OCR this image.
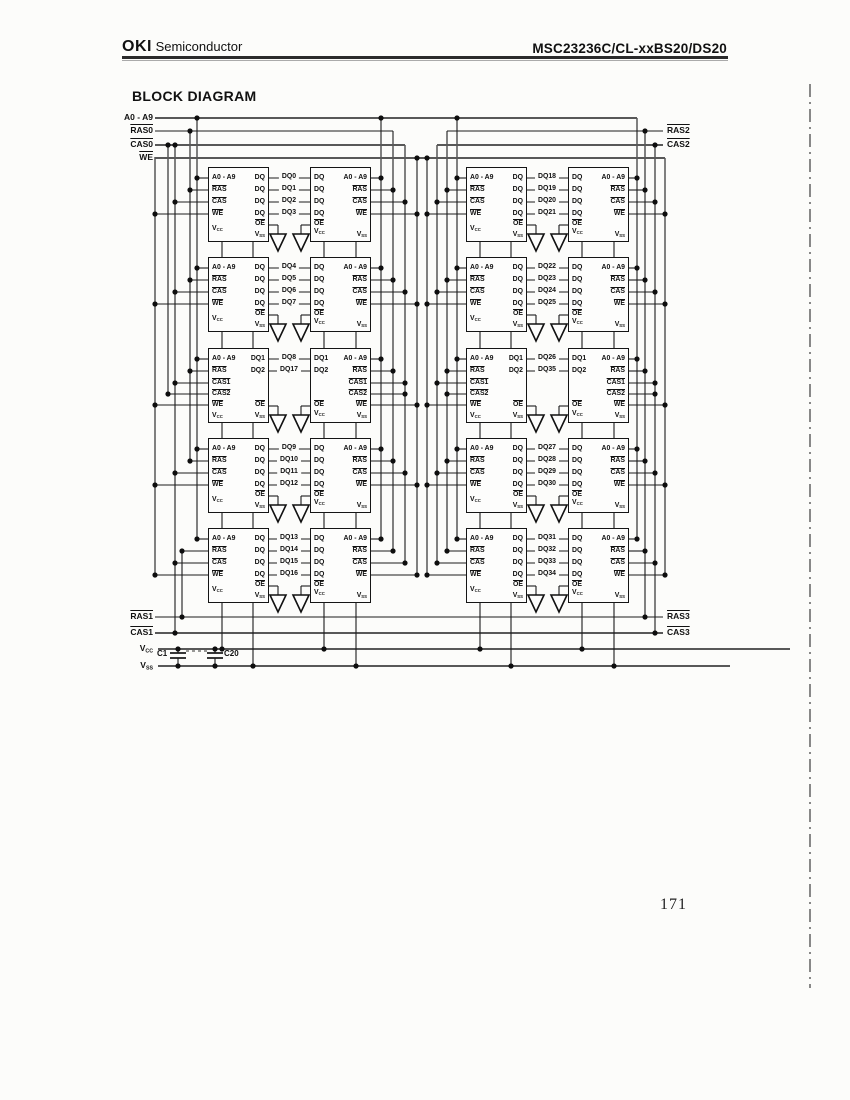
OKI Semiconductor	MSC23236C/CL-xxBS20/DS20
BLOCK DIAGRAM
A0 - A9
$\overline{RAS}$
$\overline{CAS}$
$\overline{WE}$
$V_{CC}$
DQ
DQ
DQ
DQ
$\overline{OE}$
$V_{SS}$
DQ
DQ
DQ
DQ
$\overline{OE}$
$V_{CC}$
A0 - A9
$\overline{RAS}$
$\overline{CAS}$
$\overline{WE}$
$V_{SS}$
DQ0
DQ1
DQ2
DQ3
A0 - A9
$\overline{RAS}$
$\overline{CAS}$
$\overline{WE}$
$V_{CC}$
DQ
DQ
DQ
DQ
$\overline{OE}$
$V_{SS}$
DQ
DQ
DQ
DQ
$\overline{OE}$
$V_{CC}$
A0 - A9
$\overline{RAS}$
$\overline{CAS}$
$\overline{WE}$
$V_{SS}$
DQ4
DQ5
DQ6
DQ7
A0 - A9
$\overline{RAS}$
CAS1
CAS2
$\overline{WE}$
$V_{CC}$
DQ1
DQ2
$\overline{OE}$
$V_{SS}$
DQ1
DQ2
$\overline{OE}$
$V_{CC}$
A0 - A9
$\overline{RAS}$
CAS1
CAS2
$\overline{WE}$
$V_{SS}$
DQ8
DQ17
A0 - A9
$\overline{RAS}$
$\overline{CAS}$
$\overline{WE}$
$V_{CC}$
DQ
DQ
DQ
DQ
$\overline{OE}$
$V_{SS}$
DQ
DQ
DQ
DQ
$\overline{OE}$
$V_{CC}$
A0 - A9
$\overline{RAS}$
$\overline{CAS}$
$\overline{WE}$
$V_{SS}$
DQ9
DQ10
DQ11
DQ12
A0 - A9
$\overline{RAS}$
$\overline{CAS}$
$\overline{WE}$
$V_{CC}$
DQ
DQ
DQ
DQ
$\overline{OE}$
$V_{SS}$
DQ
DQ
DQ
DQ
$\overline{OE}$
$V_{CC}$
A0 - A9
$\overline{RAS}$
$\overline{CAS}$
$\overline{WE}$
$V_{SS}$
DQ13
DQ14
DQ15
DQ16
A0 - A9
$\overline{RAS}$
$\overline{CAS}$
$\overline{WE}$
$V_{CC}$
DQ
DQ
DQ
DQ
$\overline{OE}$
$V_{SS}$
DQ
DQ
DQ
DQ
$\overline{OE}$
$V_{CC}$
A0 - A9
$\overline{RAS}$
$\overline{CAS}$
$\overline{WE}$
$V_{SS}$
DQ18
DQ19
DQ20
DQ21
A0 - A9
$\overline{RAS}$
$\overline{CAS}$
$\overline{WE}$
$V_{CC}$
DQ
DQ
DQ
DQ
$\overline{OE}$
$V_{SS}$
DQ
DQ
DQ
DQ
$\overline{OE}$
$V_{CC}$
A0 - A9
$\overline{RAS}$
$\overline{CAS}$
$\overline{WE}$
$V_{SS}$
DQ22
DQ23
DQ24
DQ25
A0 - A9
$\overline{RAS}$
CAS1
CAS2
$\overline{WE}$
$V_{CC}$
DQ1
DQ2
$\overline{OE}$
$V_{SS}$
DQ1
DQ2
$\overline{OE}$
$V_{CC}$
A0 - A9
$\overline{RAS}$
CAS1
CAS2
$\overline{WE}$
$V_{SS}$
DQ26
DQ35
A0 - A9
$\overline{RAS}$
$\overline{CAS}$
$\overline{WE}$
$V_{CC}$
DQ
DQ
DQ
DQ
$\overline{OE}$
$V_{SS}$
DQ
DQ
DQ
DQ
$\overline{OE}$
$V_{CC}$
A0 - A9
$\overline{RAS}$
$\overline{CAS}$
$\overline{WE}$
$V_{SS}$
DQ27
DQ28
DQ29
DQ30
A0 - A9
$\overline{RAS}$
$\overline{CAS}$
$\overline{WE}$
$V_{CC}$
DQ
DQ
DQ
DQ
$\overline{OE}$
$V_{SS}$
DQ
DQ
DQ
DQ
$\overline{OE}$
$V_{CC}$
A0 - A9
$\overline{RAS}$
$\overline{CAS}$
$\overline{WE}$
$V_{SS}$
DQ31
DQ32
DQ33
DQ34
A0 - A9
RAS0
CAS0
$\overline{WE}$
RAS2
CAS2
RAS1
CAS1
RAS3
CAS3
$V_{CC}$
$V_{SS}$
C1	C20
171
